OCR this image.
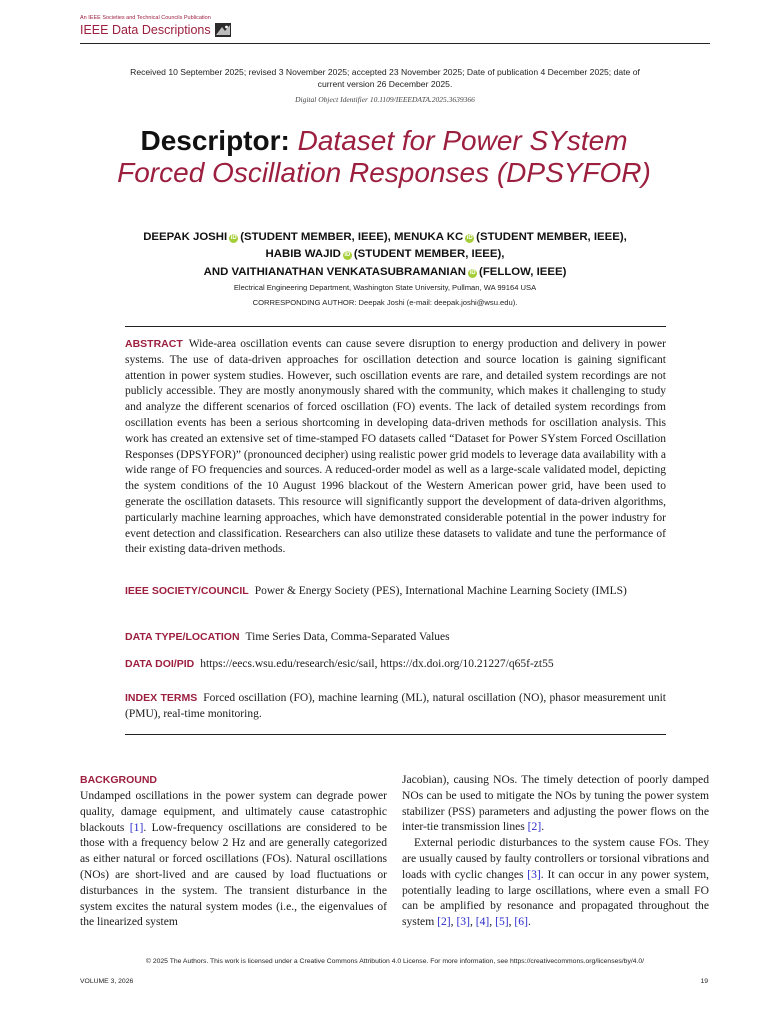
An IEEE Societies and Technical Councils Publication
IEEE Data Descriptions
Received 10 September 2025; revised 3 November 2025; accepted 23 November 2025; Date of publication 4 December 2025; date of current version 26 December 2025.
Digital Object Identifier 10.1109/IEEEDATA.2025.3639366
Descriptor: Dataset for Power SYstem Forced Oscillation Responses (DPSYFOR)
DEEPAK JOSHI iD (STUDENT MEMBER, IEEE), MENUKA KC iD (STUDENT MEMBER, IEEE), HABIB WAJID iD (STUDENT MEMBER, IEEE),
AND VAITHIANATHAN VENKATASUBRAMANIAN iD (FELLOW, IEEE)
Electrical Engineering Department, Washington State University, Pullman, WA 99164 USA
CORRESPONDING AUTHOR: Deepak Joshi (e-mail: deepak.joshi@wsu.edu).
ABSTRACT Wide-area oscillation events can cause severe disruption to energy production and delivery in power systems. The use of data-driven approaches for oscillation detection and source location is gaining significant attention in power system studies. However, such oscillation events are rare, and detailed system recordings are not publicly accessible. They are mostly anonymously shared with the community, which makes it challenging to study and analyze the different scenarios of forced oscillation (FO) events. The lack of detailed system recordings from oscillation events has been a serious shortcoming in developing data-driven methods for oscillation analysis. This work has created an extensive set of time-stamped FO datasets called “Dataset for Power SYstem Forced Oscillation Responses (DPSYFOR)” (pronounced decipher) using realistic power grid models to leverage data availability with a wide range of FO frequencies and sources. A reduced-order model as well as a large-scale validated model, depicting the system conditions of the 10 August 1996 blackout of the Western American power grid, have been used to generate the oscillation datasets. This resource will significantly support the development of data-driven algorithms, particularly machine learning approaches, which have demonstrated considerable potential in the power industry for event detection and classification. Researchers can also utilize these datasets to validate and tune the performance of their existing data-driven methods.
IEEE SOCIETY/COUNCIL Power & Energy Society (PES), International Machine Learning Society (IMLS)
DATA TYPE/LOCATION Time Series Data, Comma-Separated Values
DATA DOI/PID https://eecs.wsu.edu/research/esic/sail, https://dx.doi.org/10.21227/q65f-zt55
INDEX TERMS Forced oscillation (FO), machine learning (ML), natural oscillation (NO), phasor measurement unit (PMU), real-time monitoring.
BACKGROUND

Undamped oscillations in the power system can degrade power quality, damage equipment, and ultimately cause catastrophic blackouts [1]. Low-frequency oscillations are considered to be those with a frequency below 2 Hz and are generally categorized as either natural or forced oscillations (FOs). Natural oscillations (NOs) are short-lived and are caused by load fluctuations or disturbances in the system. The transient disturbance in the system excites the natural system modes (i.e., the eigenvalues of the linearized system

Jacobian), causing NOs. The timely detection of poorly damped NOs can be used to mitigate the NOs by tuning the power system stabilizer (PSS) parameters and adjusting the power flows on the inter-tie transmission lines [2].

External periodic disturbances to the system cause FOs. They are usually caused by faulty controllers or torsional vibrations and loads with cyclic changes [3]. It can occur in any power system, potentially leading to large oscillations, where even a small FO can be amplified by resonance and propagated throughout the system [2], [3], [4], [5], [6].

© 2025 The Authors. This work is licensed under a Creative Commons Attribution 4.0 License. For more information, see https://creativecommons.org/licenses/by/4.0/
VOLUME 3, 2026	19
